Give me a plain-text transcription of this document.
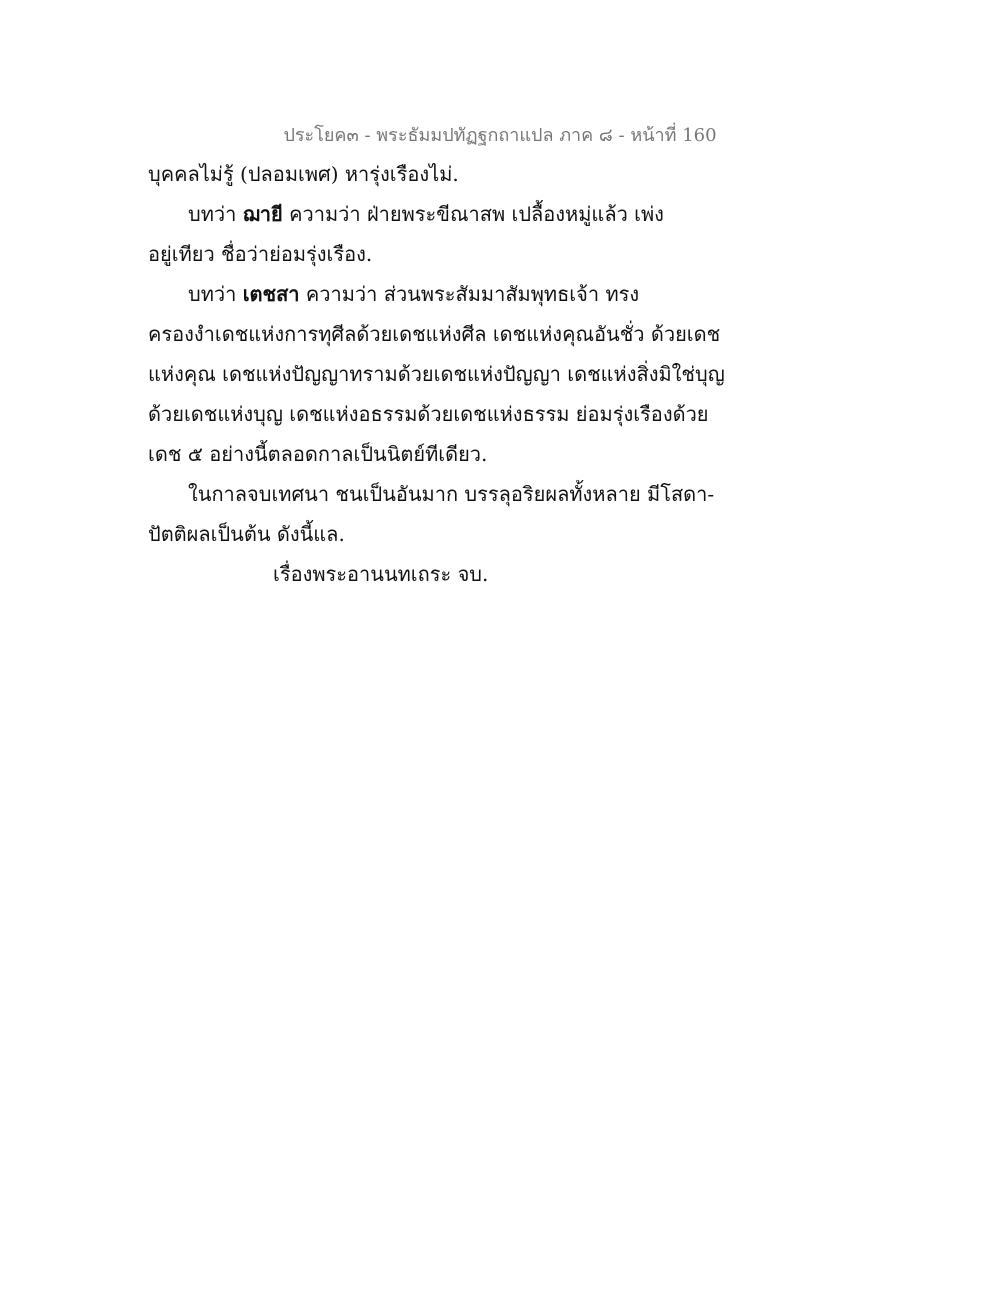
ประโยค๓ - พระธัมมปทัฏฐกถาแปล ภาค ๘ - หน้าที่ 160
บุคคลไม่รู้ (ปลอมเพศ) หารุ่งเรืองไม่.
บทว่า ฌายี ความว่า ฝ่ายพระขีณาสพ เปลื้องหมู่แล้ว เพ่ง
อยู่เทียว ชื่อว่าย่อมรุ่งเรือง.
บทว่า เตชสา ความว่า ส่วนพระสัมมาสัมพุทธเจ้า ทรง
ครองงำเดชแห่งการทุศีลด้วยเดชแห่งศีล เดชแห่งคุณอันชั่ว ด้วยเดช
แห่งคุณ เดชแห่งปัญญาทรามด้วยเดชแห่งปัญญา เดชแห่งสิ่งมิใช่บุญ
ด้วยเดชแห่งบุญ เดชแห่งอธรรมด้วยเดชแห่งธรรม ย่อมรุ่งเรืองด้วย
เดช ๕ อย่างนี้ตลอดกาลเป็นนิตย์ทีเดียว.
ในกาลจบเทศนา ชนเป็นอันมาก บรรลุอริยผลทั้งหลาย มีโสดา-
ปัตติผลเป็นต้น ดังนี้แล.
เรื่องพระอานนทเถระ จบ.
